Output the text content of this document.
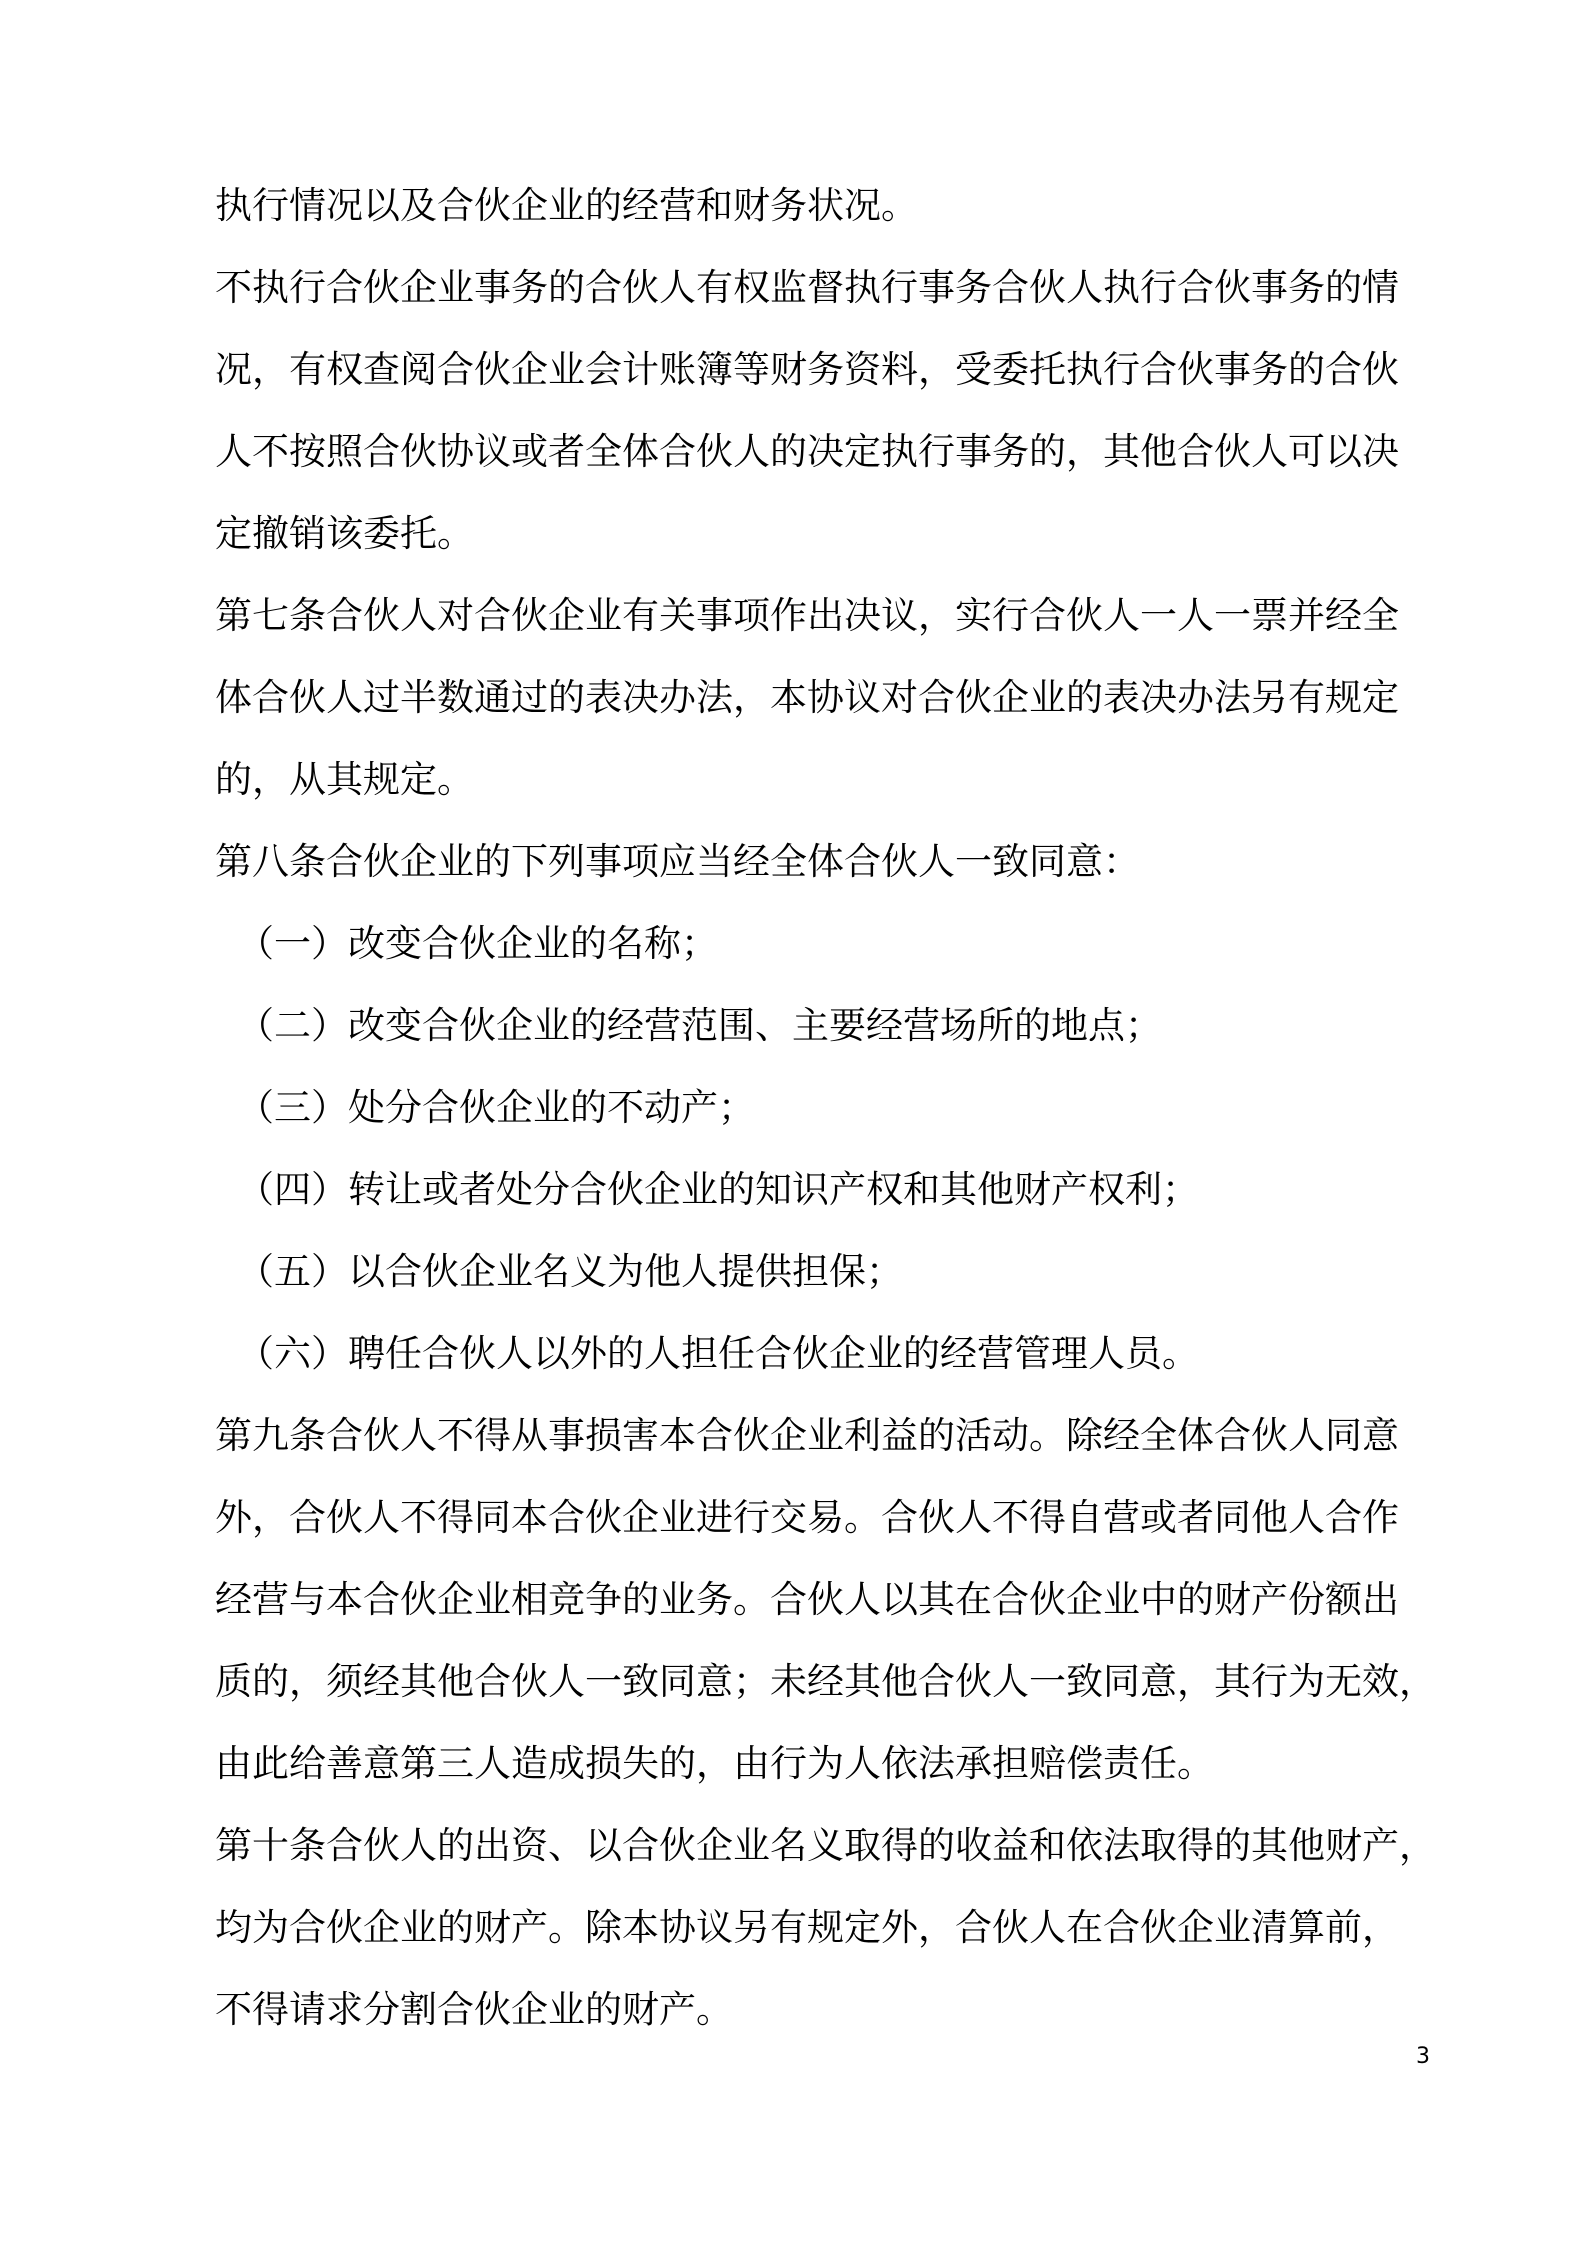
执行情况以及合伙企业的经营和财务状况。
不执行合伙企业事务的合伙人有权监督执行事务合伙人执行合伙事务的情
况，有权查阅合伙企业会计账簿等财务资料，受委托执行合伙事务的合伙
人不按照合伙协议或者全体合伙人的决定执行事务的，其他合伙人可以决
定撤销该委托。
第七条合伙人对合伙企业有关事项作出决议，实行合伙人一人一票并经全
体合伙人过半数通过的表决办法，本协议对合伙企业的表决办法另有规定
的，从其规定。
第八条合伙企业的下列事项应当经全体合伙人一致同意：
（一）改变合伙企业的名称；
（二）改变合伙企业的经营范围、主要经营场所的地点；
（三）处分合伙企业的不动产；
（四）转让或者处分合伙企业的知识产权和其他财产权利；
（五）以合伙企业名义为他人提供担保；
（六）聘任合伙人以外的人担任合伙企业的经营管理人员。
第九条合伙人不得从事损害本合伙企业利益的活动。除经全体合伙人同意
外，合伙人不得同本合伙企业进行交易。合伙人不得自营或者同他人合作
经营与本合伙企业相竞争的业务。合伙人以其在合伙企业中的财产份额出
质的，须经其他合伙人一致同意；未经其他合伙人一致同意，其行为无效，
由此给善意第三人造成损失的，由行为人依法承担赔偿责任。
第十条合伙人的出资、以合伙企业名义取得的收益和依法取得的其他财产，
均为合伙企业的财产。除本协议另有规定外，合伙人在合伙企业清算前，
不得请求分割合伙企业的财产。
3
